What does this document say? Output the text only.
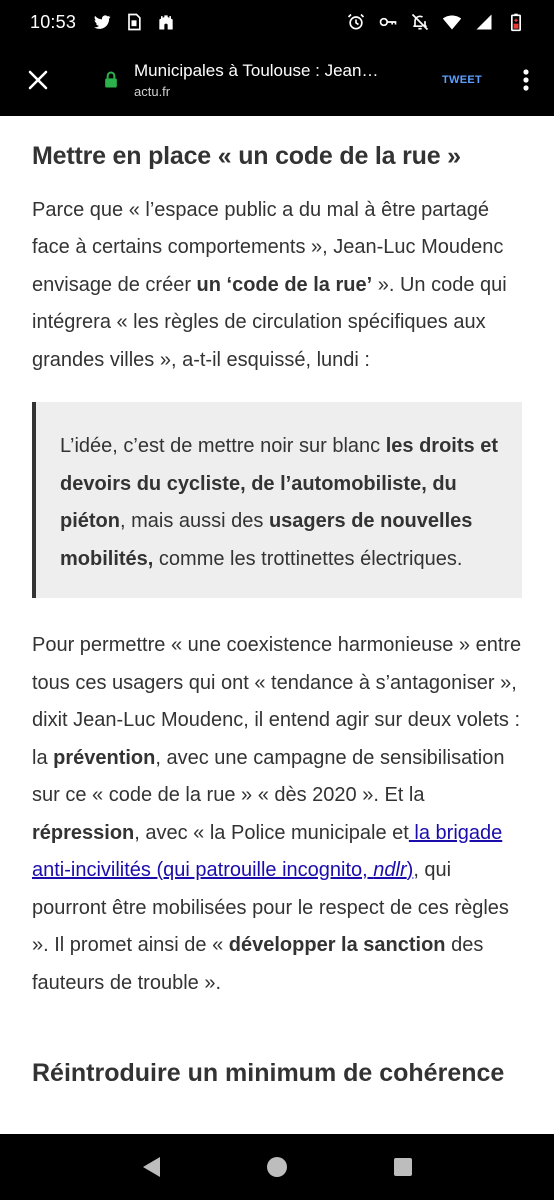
10:53
Municipales à Toulouse : Jean…
actu.fr
TWEET
Mettre en place « un code de la rue »

Parce que « l’espace public a du mal à être partagé face à certains comportements », Jean-Luc Moudenc envisage de créer un ‘code de la rue’ ». Un code qui intégrera « les règles de circulation spécifiques aux grandes villes », a-t-il esquissé, lundi :

L’idée, c’est de mettre noir sur blanc les droits et devoirs du cycliste, de l’automobiliste, du piéton, mais aussi des usagers de nouvelles mobilités, comme les trottinettes électriques.

Pour permettre « une coexistence harmonieuse » entre tous ces usagers qui ont « tendance à s’antagoniser », dixit Jean-Luc Moudenc, il entend agir sur deux volets : la prévention, avec une campagne de sensibilisation sur ce « code de la rue » « dès 2020 ». Et la répression, avec « la Police municipale et la brigade anti-incivilités (qui patrouille incognito, ndlr), qui pourront être mobilisées pour le respect de ces règles ». Il promet ainsi de « développer la sanction des fauteurs de trouble ».

Réintroduire un minimum de cohérence
